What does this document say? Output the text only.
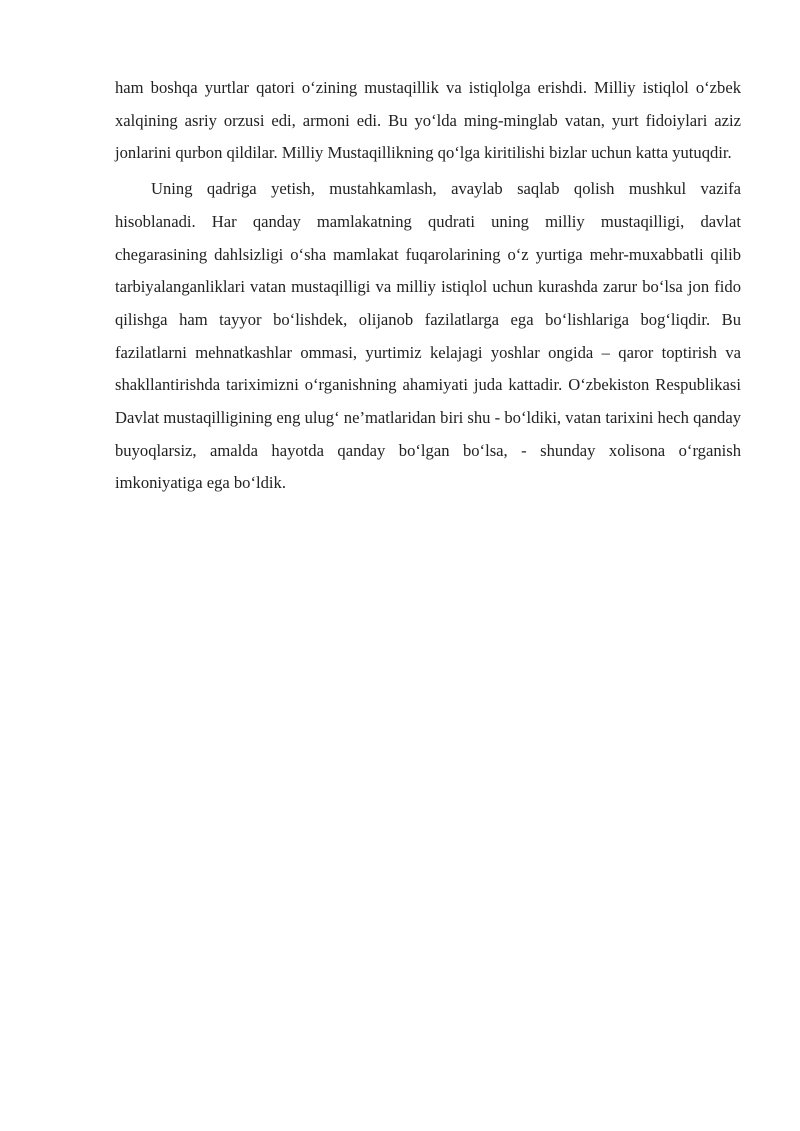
ham boshqa yurtlar qatori o‘zining mustaqillik va istiqlolga erishdi. Milliy istiqlol o‘zbek xalqining asriy orzusi edi, armoni edi. Bu yo‘lda ming-minglab vatan, yurt fidoiylari aziz jonlarini qurbon qildilar. Milliy Mustaqillikning qo‘lga kiritilishi bizlar uchun katta yutuqdir.

Uning qadriga yetish, mustahkamlash, avaylab saqlab qolish mushkul vazifa hisoblanadi. Har qanday mamlakatning qudrati uning milliy mustaqilligi, davlat chegarasining dahlsizligi o‘sha mamlakat fuqarolarining o‘z yurtiga mehr-muxabbatli qilib tarbiyalanganliklari vatan mustaqilligi va milliy istiqlol uchun kurashda zarur bo‘lsa jon fido qilishga ham tayyor bo‘lishdek, olijanob fazilatlarga ega bo‘lishlariga bog‘liqdir. Bu fazilatlarni mehnatkashlar ommasi, yurtimiz kelajagi yoshlar ongida – qaror toptirish va shakllantirishda tariximizni o‘rganishning ahamiyati juda kattadir. O‘zbekiston Respublikasi Davlat mustaqilligining eng ulug‘ ne’matlaridan biri shu - bo‘ldiki, vatan tarixini hech qanday buyoqlarsiz, amalda hayotda qanday bo‘lgan bo‘lsa, - shunday xolisona o‘rganish imkoniyatiga ega bo‘ldik.
